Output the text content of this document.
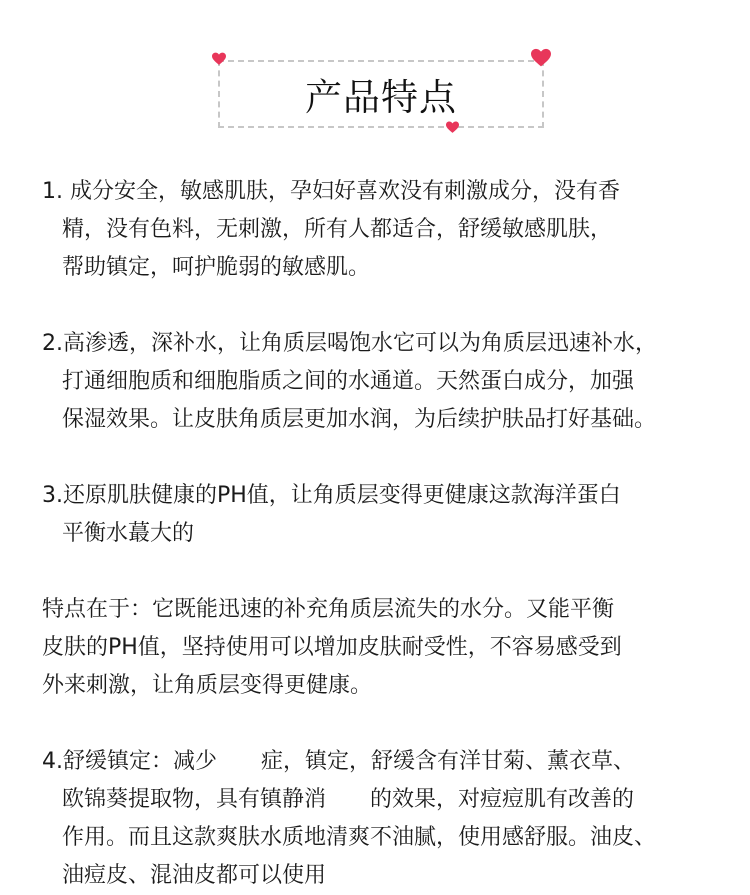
产品特点
1. 成分安全，敏感肌肤，孕妇好喜欢没有刺激成分，没有香
精，没有色料，无刺激，所有人都适合，舒缓敏感肌肤，
帮助镇定，呵护脆弱的敏感肌。
2.高渗透，深补水，让角质层喝饱水它可以为角质层迅速补水，
打通细胞质和细胞脂质之间的水通道。天然蛋白成分，加强
保湿效果。让皮肤角质层更加水润，为后续护肤品打好基础。
3.还原肌肤健康的PH值，让角质层变得更健康这款海洋蛋白
平衡水蕞大的
特点在于：它既能迅速的补充角质层流失的水分。又能平衡
皮肤的PH值，坚持使用可以增加皮肤耐受性，不容易感受到
外来刺激，让角质层变得更健康。
4.舒缓镇定：减少　　症，镇定，舒缓含有洋甘菊、薰衣草、
欧锦葵提取物，具有镇静消　　的效果，对痘痘肌有改善的
作用。而且这款爽肤水质地清爽不油腻，使用感舒服。油皮、
油痘皮、混油皮都可以使用
